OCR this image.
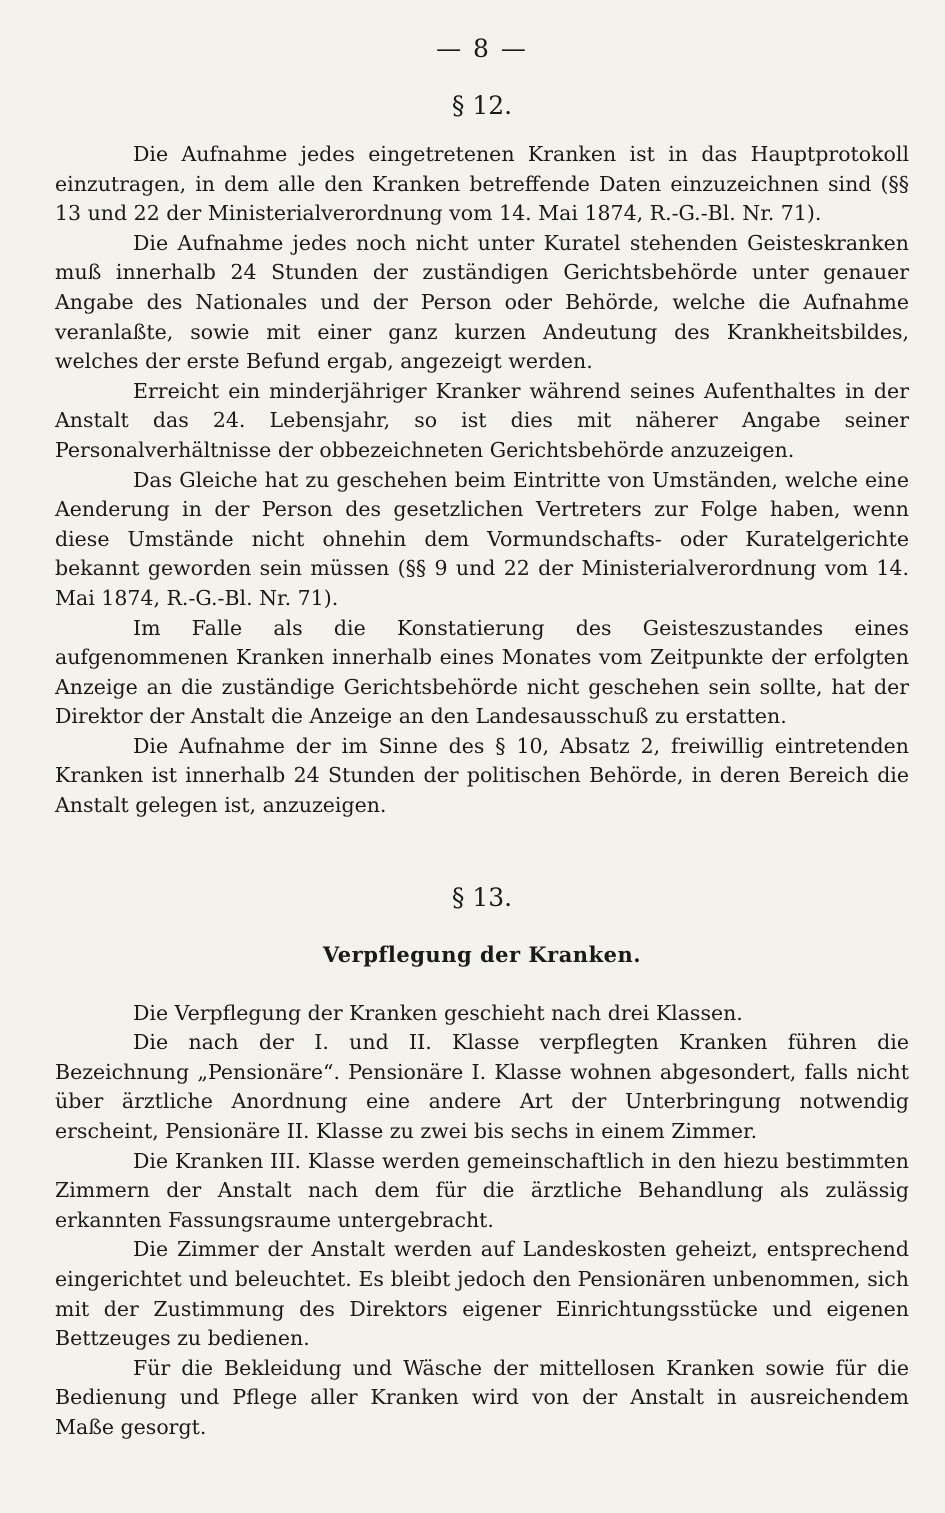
— 8 —
§ 12.

Die Aufnahme jedes eingetretenen Kranken ist in das Hauptprotokoll einzutragen, in dem alle den Kranken betreffende Daten einzuzeichnen sind (§§ 13 und 22 der Ministerialverordnung vom 14. Mai 1874, R.-G.-Bl. Nr. 71).

Die Aufnahme jedes noch nicht unter Kuratel stehenden Geisteskranken muß innerhalb 24 Stunden der zuständigen Gerichtsbehörde unter genauer Angabe des Nationales und der Person oder Behörde, welche die Aufnahme veranlaßte, sowie mit einer ganz kurzen Andeutung des Krankheitsbildes, welches der erste Befund ergab, angezeigt werden.

Erreicht ein minderjähriger Kranker während seines Aufenthaltes in der Anstalt das 24. Lebensjahr, so ist dies mit näherer Angabe seiner Personalverhältnisse der obbezeichneten Gerichtsbehörde anzuzeigen.

Das Gleiche hat zu geschehen beim Eintritte von Umständen, welche eine Aenderung in der Person des gesetzlichen Vertreters zur Folge haben, wenn diese Umstände nicht ohnehin dem Vormundschafts- oder Kuratelgerichte bekannt geworden sein müssen (§§ 9 und 22 der Ministerialverordnung vom 14. Mai 1874, R.-G.-Bl. Nr. 71).

Im Falle als die Konstatierung des Geisteszustandes eines aufgenommenen Kranken innerhalb eines Monates vom Zeitpunkte der erfolgten Anzeige an die zuständige Gerichtsbehörde nicht geschehen sein sollte, hat der Direktor der Anstalt die Anzeige an den Landesausschuß zu erstatten.

Die Aufnahme der im Sinne des § 10, Absatz 2, freiwillig eintretenden Kranken ist innerhalb 24 Stunden der politischen Behörde, in deren Bereich die Anstalt gelegen ist, anzuzeigen.

§ 13.
Verpflegung der Kranken.

Die Verpflegung der Kranken geschieht nach drei Klassen.

Die nach der I. und II. Klasse verpflegten Kranken führen die Bezeichnung „Pensionäre“. Pensionäre I. Klasse wohnen abgesondert, falls nicht über ärztliche Anordnung eine andere Art der Unterbringung notwendig erscheint, Pensionäre II. Klasse zu zwei bis sechs in einem Zimmer.

Die Kranken III. Klasse werden gemeinschaftlich in den hiezu bestimmten Zimmern der Anstalt nach dem für die ärztliche Behandlung als zulässig erkannten Fassungsraume untergebracht.

Die Zimmer der Anstalt werden auf Landeskosten geheizt, entsprechend eingerichtet und beleuchtet. Es bleibt jedoch den Pensionären unbenommen, sich mit der Zustimmung des Direktors eigener Einrichtungsstücke und eigenen Bettzeuges zu bedienen.

Für die Bekleidung und Wäsche der mittellosen Kranken sowie für die Bedienung und Pflege aller Kranken wird von der Anstalt in ausreichendem Maße gesorgt.
